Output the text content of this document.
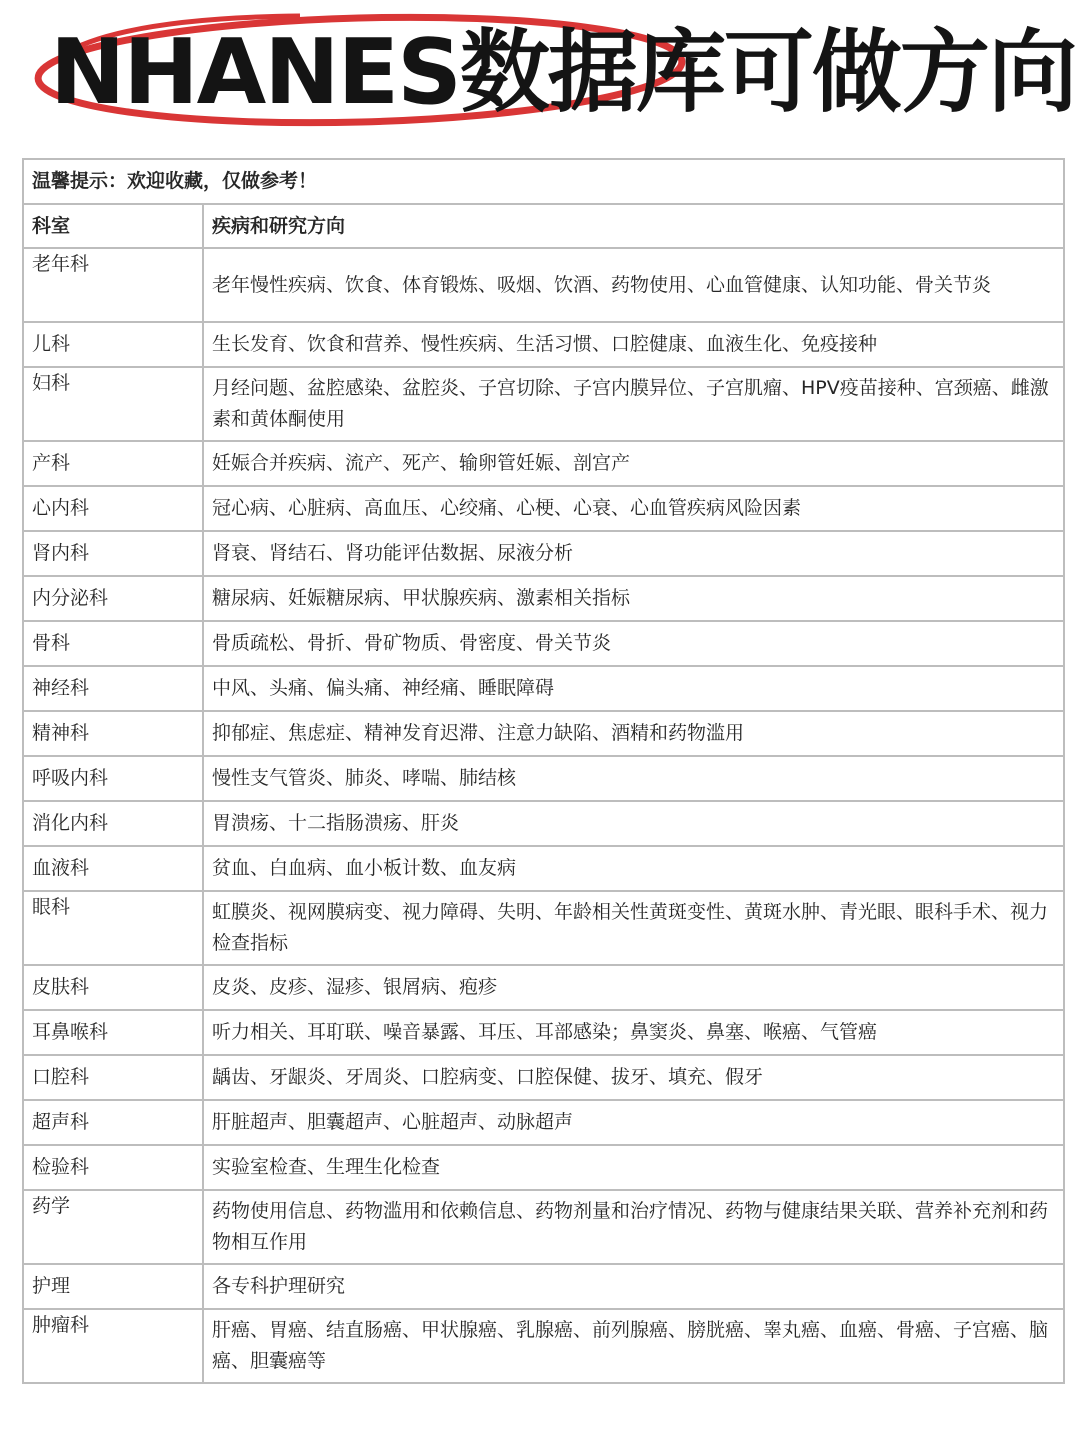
NHANES数据库可做方向
温馨提示：欢迎收藏，仅做参考！	
科室	疾病和研究方向
老年科	老年慢性疾病、饮食、体育锻炼、吸烟、饮酒、药物使用、心血管健康、认知功能、骨关节炎
儿科	生长发育、饮食和营养、慢性疾病、生活习惯、口腔健康、血液生化、免疫接种
妇科	月经问题、盆腔感染、盆腔炎、子宫切除、子宫内膜异位、子宫肌瘤、HPV疫苗接种、宫颈癌、雌激素和黄体酮使用
产科	妊娠合并疾病、流产、死产、输卵管妊娠、剖宫产
心内科	冠心病、心脏病、高血压、心绞痛、心梗、心衰、心血管疾病风险因素
肾内科	肾衰、肾结石、肾功能评估数据、尿液分析
内分泌科	糖尿病、妊娠糖尿病、甲状腺疾病、激素相关指标
骨科	骨质疏松、骨折、骨矿物质、骨密度、骨关节炎
神经科	中风、头痛、偏头痛、神经痛、睡眠障碍
精神科	抑郁症、焦虑症、精神发育迟滞、注意力缺陷、酒精和药物滥用
呼吸内科	慢性支气管炎、肺炎、哮喘、肺结核
消化内科	胃溃疡、十二指肠溃疡、肝炎
血液科	贫血、白血病、血小板计数、血友病
眼科	虹膜炎、视网膜病变、视力障碍、失明、年龄相关性黄斑变性、黄斑水肿、青光眼、眼科手术、视力检查指标
皮肤科	皮炎、皮疹、湿疹、银屑病、疱疹
耳鼻喉科	听力相关、耳耵联、噪音暴露、耳压、耳部感染；鼻窦炎、鼻塞、喉癌、气管癌
口腔科	龋齿、牙龈炎、牙周炎、口腔病变、口腔保健、拔牙、填充、假牙
超声科	肝脏超声、胆囊超声、心脏超声、动脉超声
检验科	实验室检查、生理生化检查
药学	药物使用信息、药物滥用和依赖信息、药物剂量和治疗情况、药物与健康结果关联、营养补充剂和药物相互作用
护理	各专科护理研究
肿瘤科	肝癌、胃癌、结直肠癌、甲状腺癌、乳腺癌、前列腺癌、膀胱癌、睾丸癌、血癌、骨癌、子宫癌、脑癌、胆囊癌等
